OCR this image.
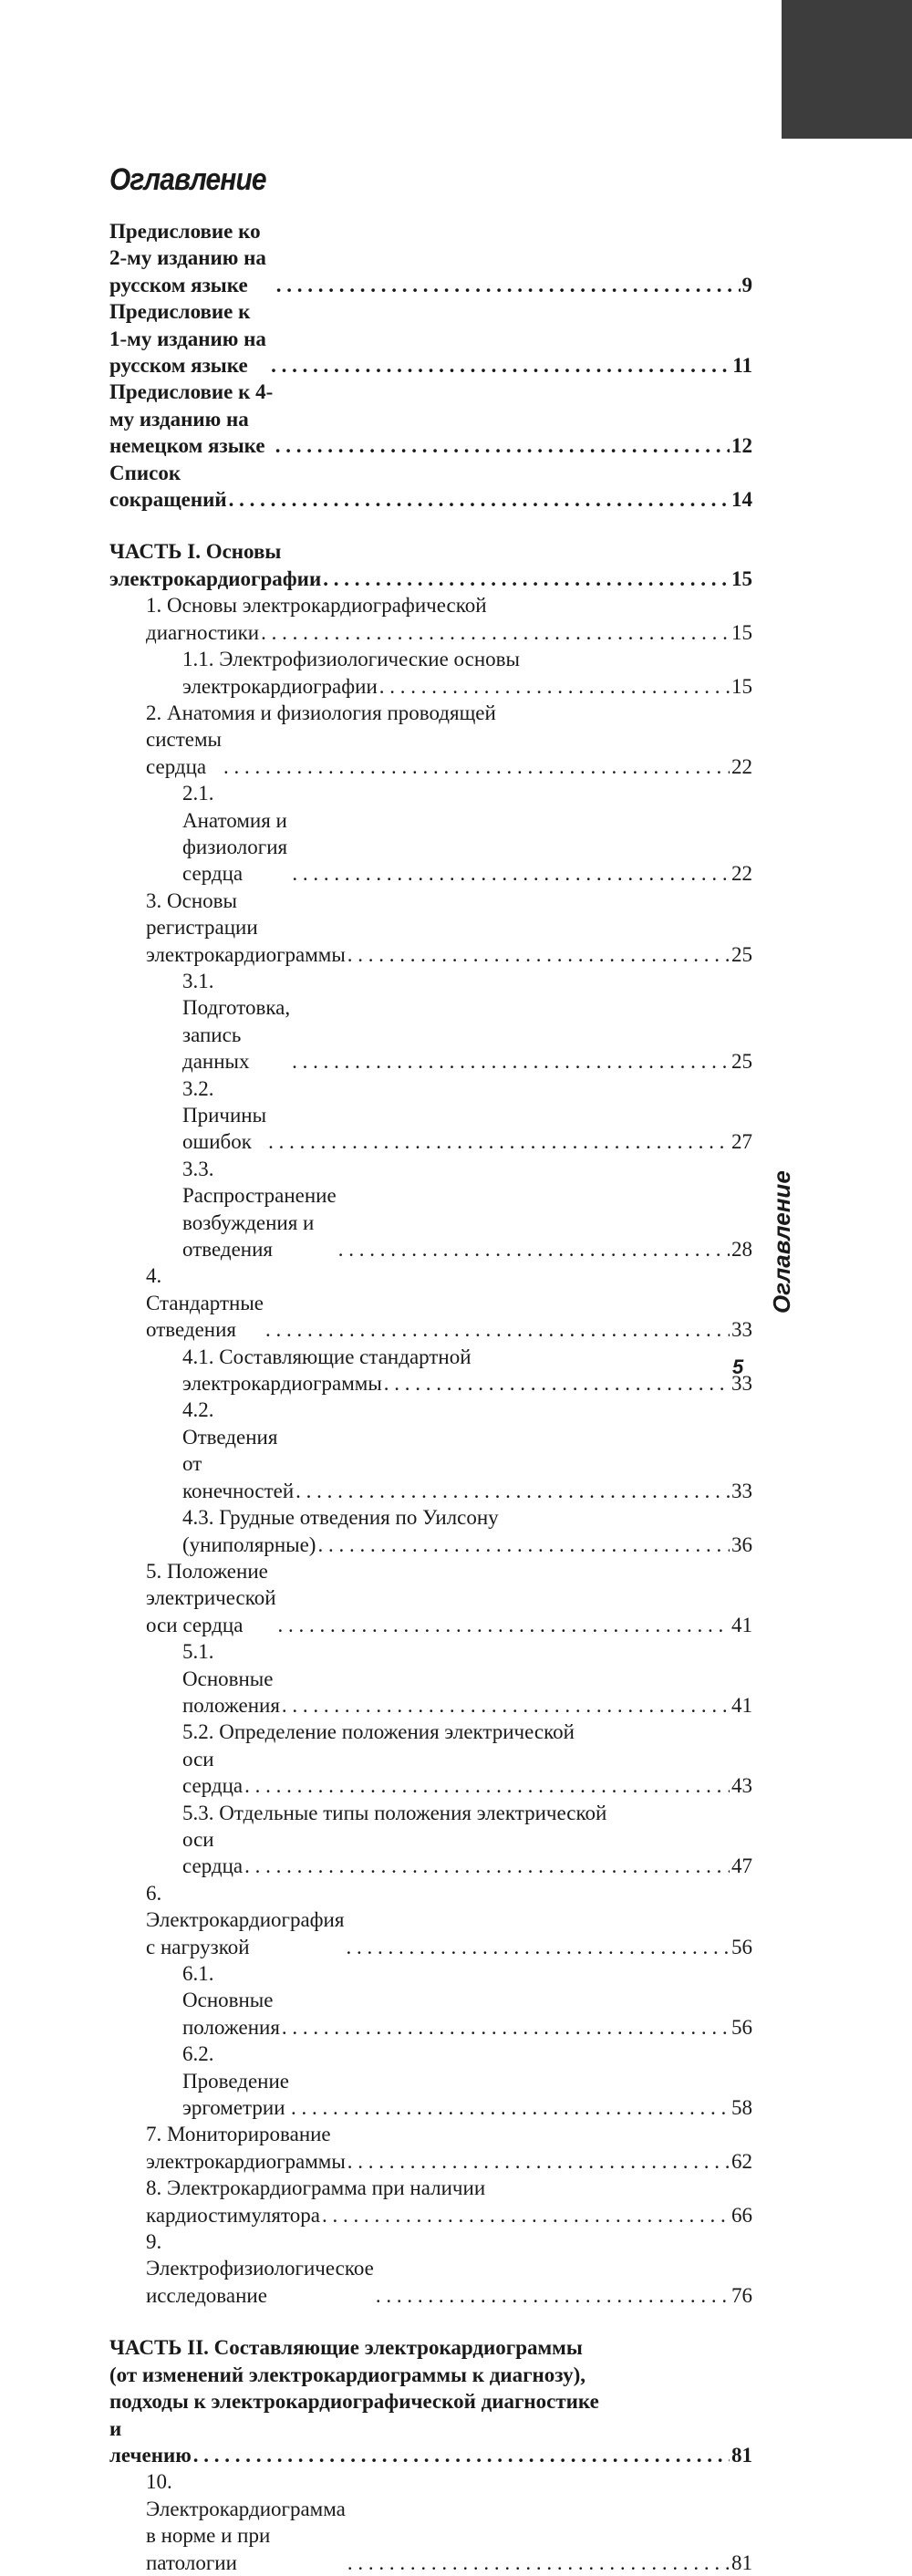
Оглавление
Предисловие ко 2-му изданию на русском языке . . .	9
Предисловие к 1-му изданию на русском языке . . .	11
Предисловие к 4-му изданию на немецком языке . . .	12
Список сокращений . . .	14
ЧАСТЬ I. Основы электрокардиографии . . .	15
1. Основы электрокардиографической
диагностики . . .	15
1.1. Электрофизиологические основы
электрокардиографии . . .	15
2. Анатомия и физиология проводящей
системы сердца . . .	22
2.1. Анатомия и физиология сердца . . .	22
3. Основы регистрации электрокардиограммы . . .	25
3.1. Подготовка, запись данных . . .	25
3.2. Причины ошибок . . .	27
3.3. Распространение возбуждения и отведения . . .	28
4. Стандартные отведения . . .	33
4.1. Составляющие стандартной
электрокардиограммы . . .	33
4.2. Отведения от конечностей . . .	33
4.3. Грудные отведения по Уилсону
(униполярные) . . .	36
5. Положение электрической оси сердца . . .	41
5.1. Основные положения . . .	41
5.2. Определение положения электрической
оси сердца . . .	43
5.3. Отдельные типы положения электрической
оси сердца . . .	47
6. Электрокардиография с нагрузкой . . .	56
6.1. Основные положения . . .	56
6.2. Проведение эргометрии . . .	58
7. Мониторирование электрокардиограммы . . .	62
8. Электрокардиограмма при наличии
кардиостимулятора . . .	66
9. Электрофизиологическое исследование . . .	76
ЧАСТЬ II. Составляющие электрокардиограммы
(от изменений электрокардиограммы к диагнозу),
подходы к электрокардиографической диагностике
и лечению . . .	81
10. Электрокардиограмма в норме и при патологии . . .	81
Оглавление
5
